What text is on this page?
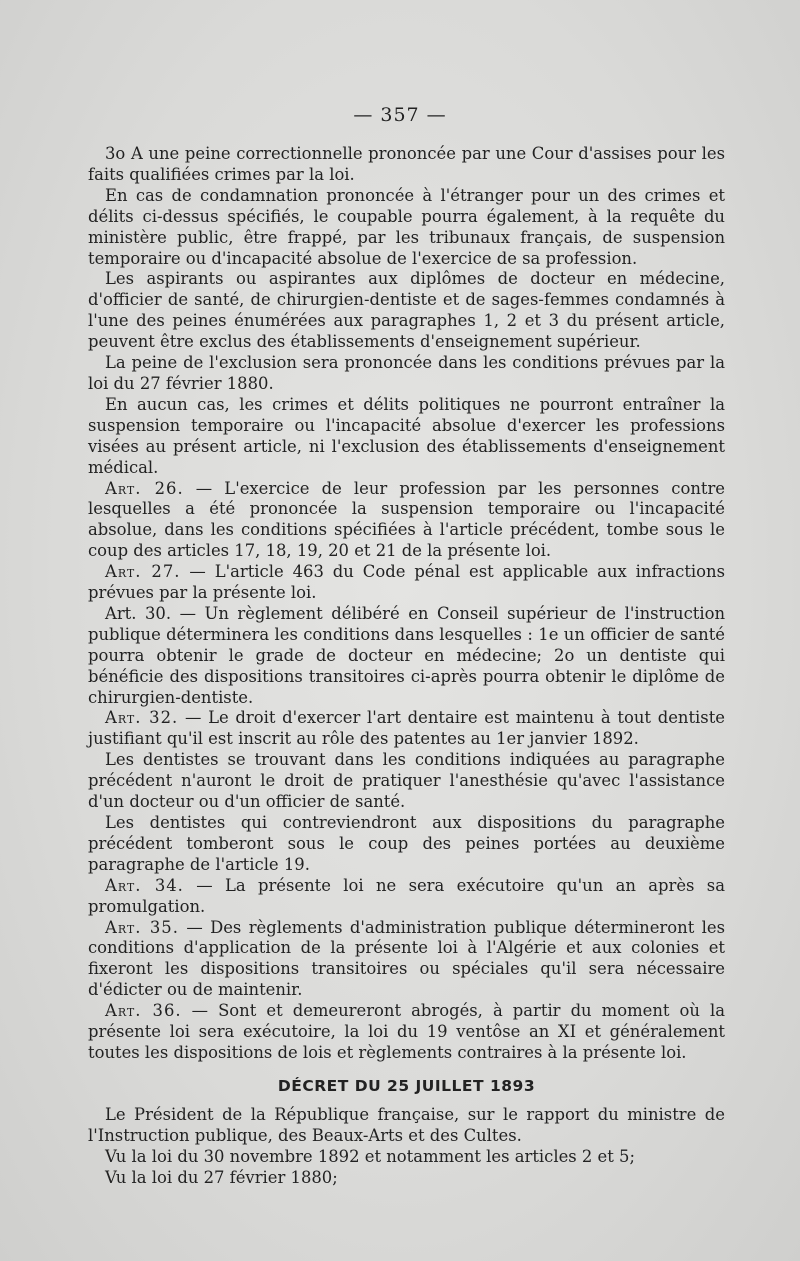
— 357 —

3o A une peine correctionnelle prononcée par une Cour d'assises pour les faits qualifiées crimes par la loi.

En cas de condamnation prononcée à l'étranger pour un des crimes et délits ci-dessus spécifiés, le coupable pourra également, à la requête du ministère public, être frappé, par les tribunaux français, de suspension temporaire ou d'incapacité absolue de l'exercice de sa profession.

Les aspirants ou aspirantes aux diplômes de docteur en médecine, d'officier de santé, de chirurgien-dentiste et de sages-femmes condamnés à l'une des peines énumérées aux paragraphes 1, 2 et 3 du présent article, peuvent être exclus des établissements d'enseignement supérieur.

La peine de l'exclusion sera prononcée dans les conditions prévues par la loi du 27 février 1880.

En aucun cas, les crimes et délits politiques ne pourront entraîner la suspension temporaire ou l'incapacité absolue d'exercer les professions visées au présent article, ni l'exclusion des établissements d'enseignement médical.

Art. 26. — L'exercice de leur profession par les personnes contre lesquelles a été prononcée la suspension temporaire ou l'incapacité absolue, dans les conditions spécifiées à l'article précédent, tombe sous le coup des articles 17, 18, 19, 20 et 21 de la présente loi.

Art. 27. — L'article 463 du Code pénal est applicable aux infractions prévues par la présente loi.

Art. 30. — Un règlement délibéré en Conseil supérieur de l'instruction publique déterminera les conditions dans lesquelles : 1e un officier de santé pourra obtenir le grade de docteur en médecine; 2o un dentiste qui bénéficie des dispositions transitoires ci-après pourra obtenir le diplôme de chirurgien-dentiste.

Art. 32. — Le droit d'exercer l'art dentaire est maintenu à tout dentiste justifiant qu'il est inscrit au rôle des patentes au 1er janvier 1892.

Les dentistes se trouvant dans les conditions indiquées au paragraphe précédent n'auront le droit de pratiquer l'anesthésie qu'avec l'assistance d'un docteur ou d'un officier de santé.

Les dentistes qui contreviendront aux dispositions du paragraphe précédent tomberont sous le coup des peines portées au deuxième paragraphe de l'article 19.

Art. 34. — La présente loi ne sera exécutoire qu'un an après sa promulgation.

Art. 35. — Des règlements d'administration publique détermineront les conditions d'application de la présente loi à l'Algérie et aux colonies et fixeront les dispositions transitoires ou spéciales qu'il sera nécessaire d'édicter ou de maintenir.

Art. 36. — Sont et demeureront abrogés, à partir du moment où la présente loi sera exécutoire, la loi du 19 ventôse an XI et généralement toutes les dispositions de lois et règlements contraires à la présente loi.

DÉCRET DU 25 JUILLET 1893

Le Président de la République française, sur le rapport du ministre de l'Instruction publique, des Beaux-Arts et des Cultes.

Vu la loi du 30 novembre 1892 et notamment les articles 2 et 5;

Vu la loi du 27 février 1880;
